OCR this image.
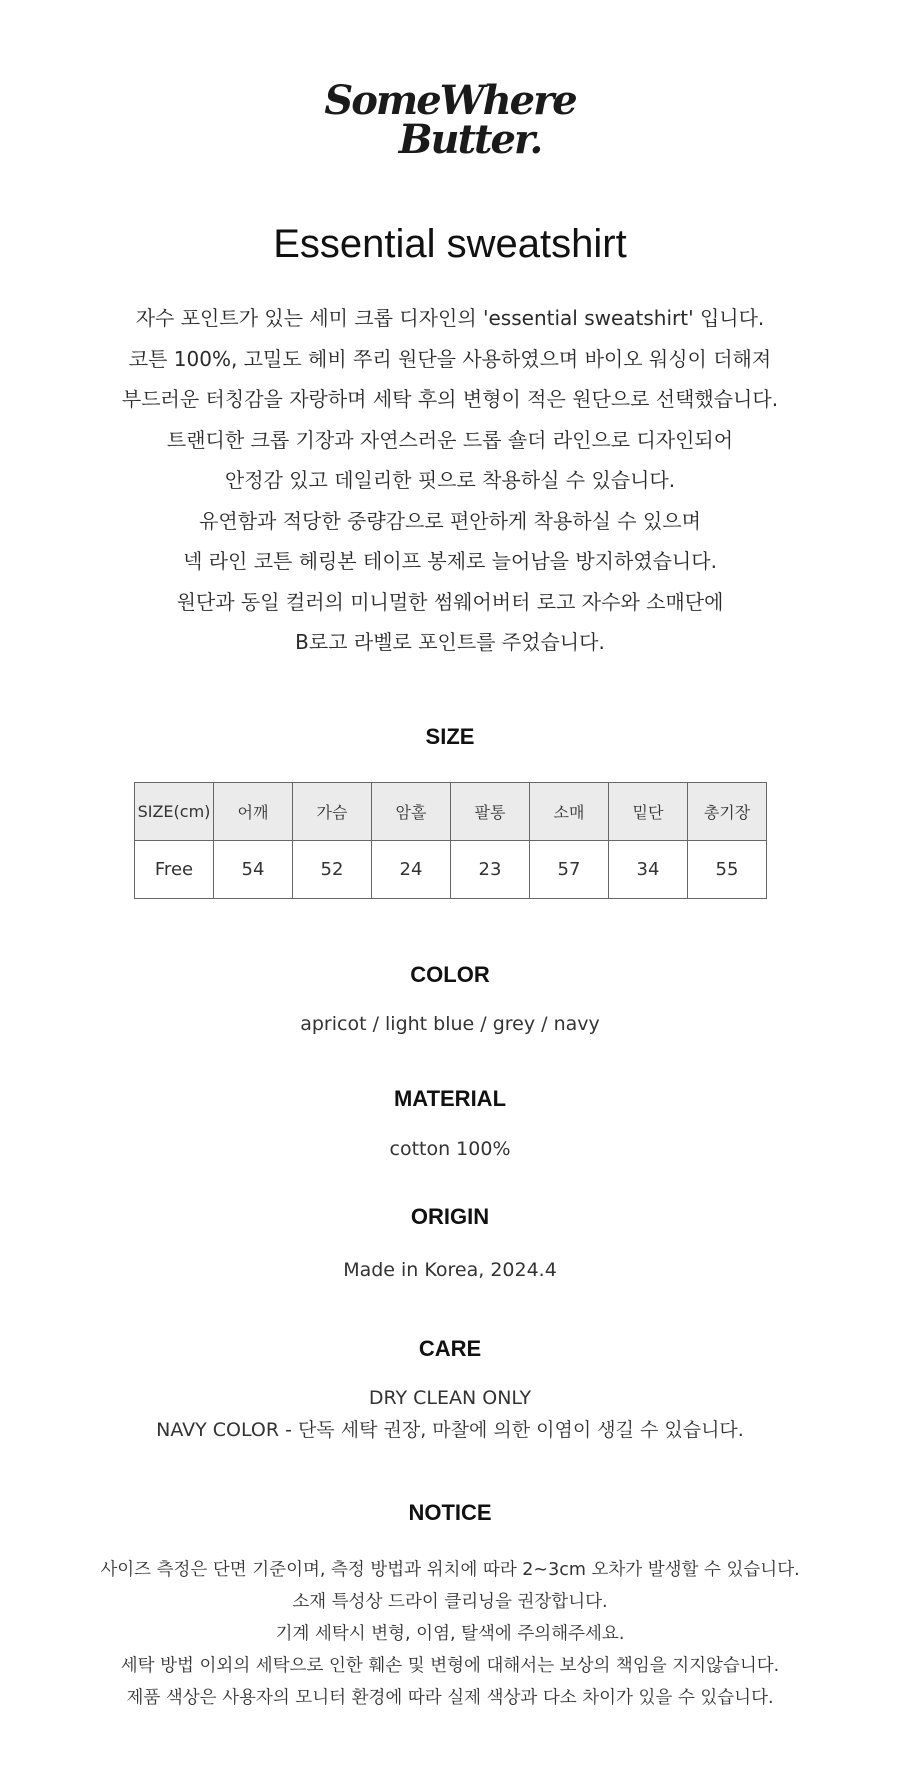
SomeWhere
Butter.
Essential sweatshirt
자수 포인트가 있는 세미 크롭 디자인의 'essential sweatshirt' 입니다.
코튼 100%, 고밀도 헤비 쭈리 원단을 사용하였으며 바이오 워싱이 더해져
부드러운 터칭감을 자랑하며 세탁 후의 변형이 적은 원단으로 선택했습니다.
트랜디한 크롭 기장과 자연스러운 드롭 숄더 라인으로 디자인되어
안정감 있고 데일리한 핏으로 착용하실 수 있습니다.
유연함과 적당한 중량감으로 편안하게 착용하실 수 있으며
넥 라인 코튼 헤링본 테이프 봉제로 늘어남을 방지하였습니다.
원단과 동일 컬러의 미니멀한 썸웨어버터 로고 자수와 소매단에
B로고 라벨로 포인트를 주었습니다.
SIZE
SIZE(cm)	어깨	가슴	암홀	팔통	소매	밑단	총기장
Free	54	52	24	23	57	34	55
COLOR
apricot / light blue / grey / navy
MATERIAL
cotton 100%
ORIGIN
Made in Korea, 2024.4
CARE
DRY CLEAN ONLY
NAVY COLOR - 단독 세탁 권장, 마찰에 의한 이염이 생길 수 있습니다.
NOTICE
사이즈 측정은 단면 기준이며, 측정 방법과 위치에 따라 2~3cm 오차가 발생할 수 있습니다.
소재 특성상 드라이 클리닝을 권장합니다.
기계 세탁시 변형, 이염, 탈색에 주의해주세요.
세탁 방법 이외의 세탁으로 인한 훼손 및 변형에 대해서는 보상의 책임을 지지않습니다.
제품 색상은 사용자의 모니터 환경에 따라 실제 색상과 다소 차이가 있을 수 있습니다.
